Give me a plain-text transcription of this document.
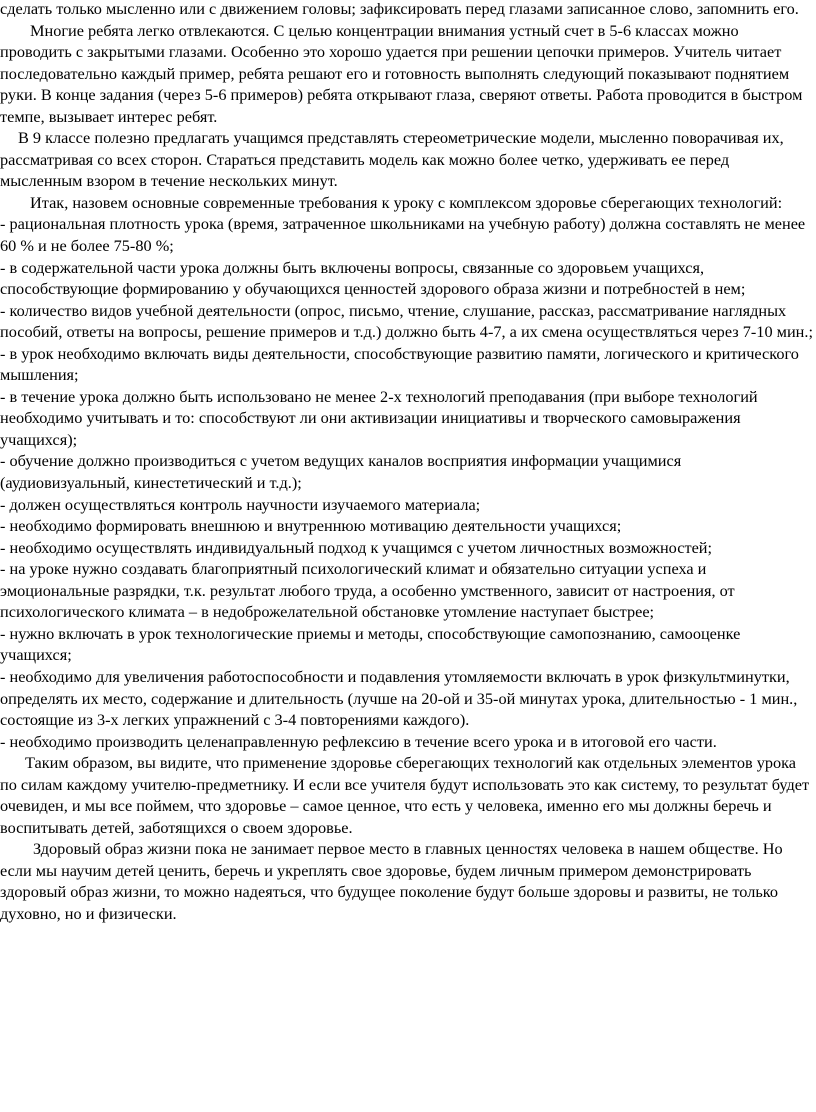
сделать только мысленно или с движением головы; зафиксировать перед глазами записанное слово, запомнить его.

Многие ребята легко отвлекаются. С целью концентрации внимания устный счет в 5-6 классах можно проводить с закрытыми глазами. Особенно это хорошо удается при решении цепочки примеров. Учитель читает последовательно каждый пример, ребята решают его и готовность выполнять следующий показывают поднятием руки. В конце задания (через 5-6 примеров) ребята открывают глаза, сверяют ответы. Работа проводится в быстром темпе, вызывает интерес ребят.

В 9 классе полезно предлагать учащимся представлять стереометрические модели, мысленно поворачивая их, рассматривая со всех сторон. Стараться представить модель как можно более четко, удерживать ее перед мысленным взором в течение нескольких минут.

Итак, назовем основные современные требования к уроку с комплексом здоровье сберегающих технологий:

- рациональная плотность урока (время, затраченное школьниками на учебную работу) должна составлять не менее 60 % и не более 75-80 %;

- в содержательной части урока должны быть включены вопросы, связанные со здоровьем учащихся, способствующие формированию у обучающихся ценностей здорового образа жизни и потребностей в нем;

- количество видов учебной деятельности (опрос, письмо, чтение, слушание, рассказ, рассматривание наглядных пособий, ответы на вопросы, решение примеров и т.д.) должно быть 4-7, а их смена осуществляться через 7-10 мин.;

- в урок необходимо включать виды деятельности, способствующие развитию памяти, логического и критического мышления;

- в течение урока должно быть использовано не менее 2-х технологий преподавания (при выборе технологий необходимо учитывать и то: способствуют ли они активизации инициативы и творческого самовыражения учащихся);

- обучение должно производиться с учетом ведущих каналов восприятия информации учащимися (аудиовизуальный, кинестетический и т.д.);

- должен осуществляться контроль научности изучаемого материала;

- необходимо формировать внешнюю и внутреннюю мотивацию деятельности учащихся;

- необходимо осуществлять индивидуальный подход к учащимся с учетом личностных возможностей;

- на уроке нужно создавать благоприятный психологический климат и обязательно ситуации успеха и эмоциональные разрядки, т.к. результат любого труда, а особенно умственного, зависит от настроения, от психологического климата – в недоброжелательной обстановке утомление наступает быстрее;

- нужно включать в урок технологические приемы и методы, способствующие самопознанию, самооценке учащихся;

- необходимо для увеличения работоспособности и подавления утомляемости включать в урок физкультминутки, определять их место, содержание и длительность (лучше на 20-ой и 35-ой минутах урока, длительностью - 1 мин., состоящие из 3-х легких упражнений с 3-4 повторениями каждого).

- необходимо производить целенаправленную рефлексию в течение всего урока и в итоговой его части.

Таким образом, вы видите, что применение здоровье сберегающих технологий как отдельных элементов урока по силам каждому учителю-предметнику. И если все учителя будут использовать это как систему, то результат будет очевиден, и мы все поймем, что здоровье – самое ценное, что есть у человека, именно его мы должны беречь и воспитывать детей, заботящихся о своем здоровье.

Здоровый образ жизни пока не занимает первое место в главных ценностях человека в нашем обществе. Но если мы научим детей ценить, беречь и укреплять свое здоровье, будем личным примером демонстрировать здоровый образ жизни, то можно надеяться, что будущее поколение будут больше здоровы и развиты, не только духовно, но и физически.
